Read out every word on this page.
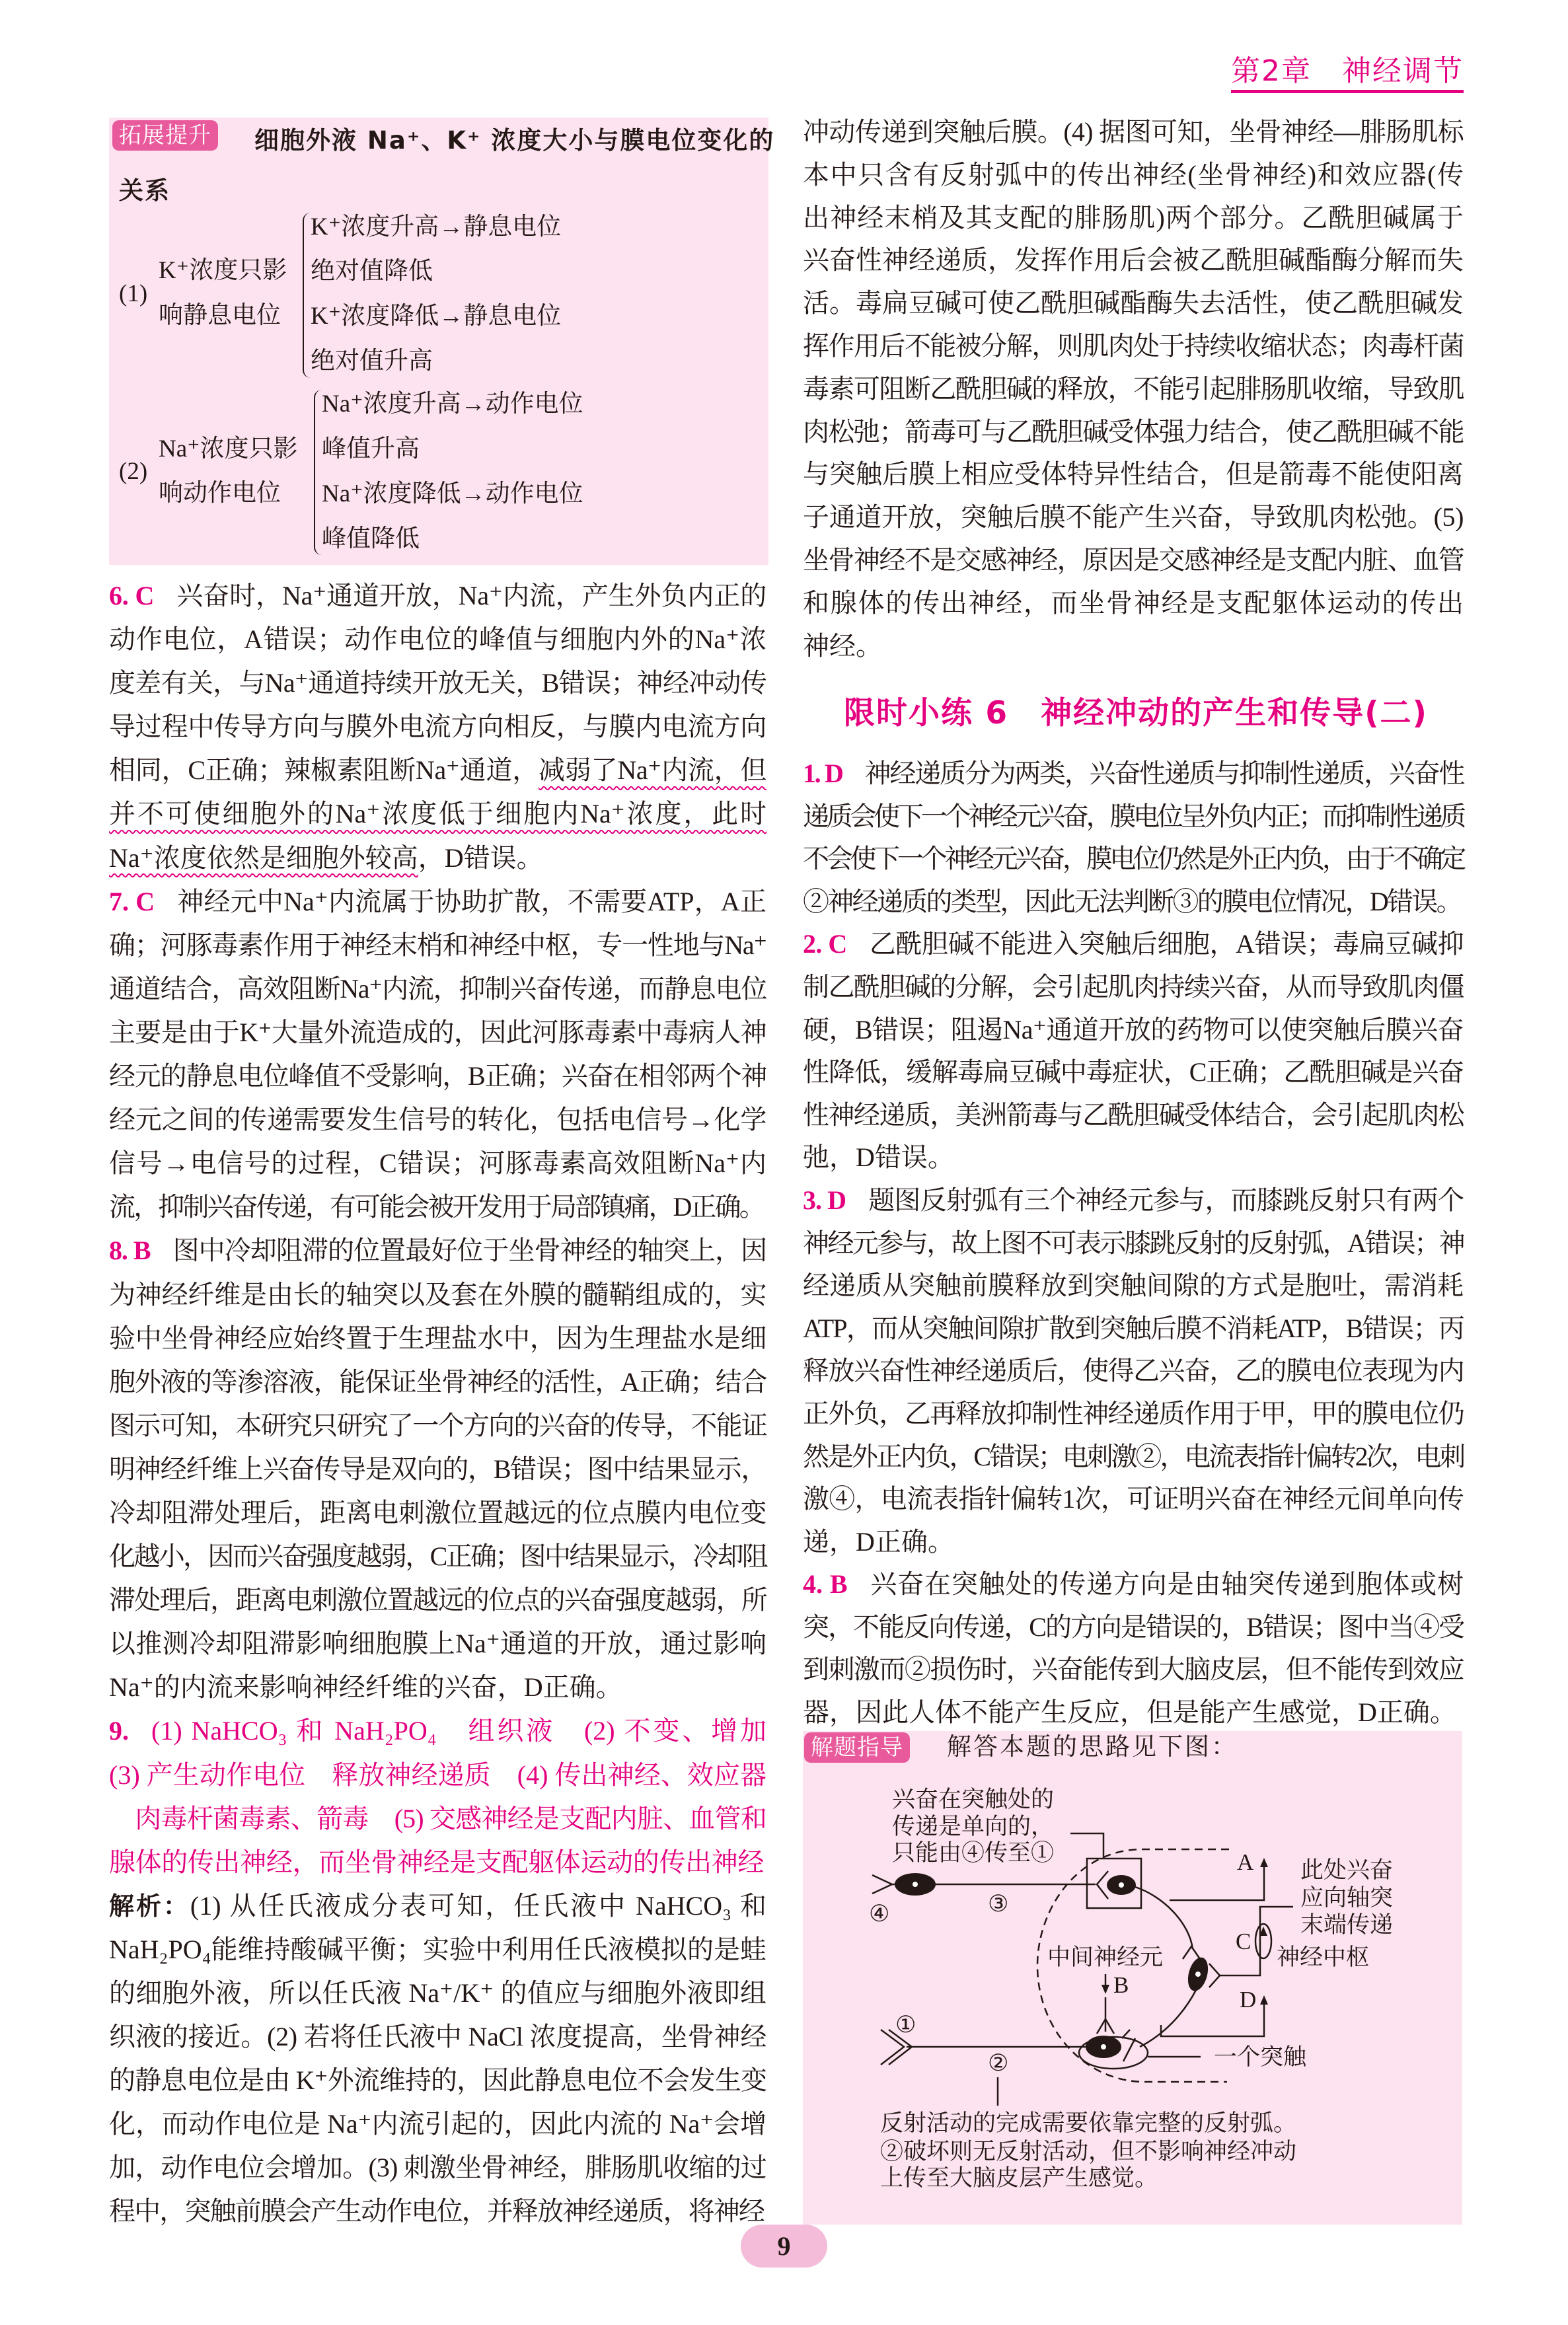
第2章　神经调节
拓展提升 细胞外液 Na⁺、K⁺ 浓度大小与膜电位变化的
关系
(1)
K⁺浓度只影
响静息电位
K⁺浓度升高→静息电位
绝对值降低
K⁺浓度降低→静息电位
绝对值升高
(2)
Na⁺浓度只影
响动作电位
Na⁺浓度升高→动作电位
峰值升高
Na⁺浓度降低→动作电位
峰值降低
6. C 兴奋时，Na⁺通道开放，Na⁺内流，产生外负内正的
动作电位，A错误；动作电位的峰值与细胞内外的Na⁺浓
度差有关，与Na⁺通道持续开放无关，B错误；神经冲动传
导过程中传导方向与膜外电流方向相反，与膜内电流方向
相同，C正确；辣椒素阻断Na⁺通道，减弱了Na⁺内流，但
并不可使细胞外的Na⁺浓度低于细胞内Na⁺浓度，此时
Na⁺浓度依然是细胞外较高，D错误。
7. C 神经元中Na⁺内流属于协助扩散，不需要ATP，A正
确；河豚毒素作用于神经末梢和神经中枢，专一性地与Na⁺
通道结合，高效阻断Na⁺内流，抑制兴奋传递，而静息电位
主要是由于K⁺大量外流造成的，因此河豚毒素中毒病人神
经元的静息电位峰值不受影响，B正确；兴奋在相邻两个神
经元之间的传递需要发生信号的转化，包括电信号→化学
信号→电信号的过程，C错误；河豚毒素高效阻断Na⁺内
流，抑制兴奋传递，有可能会被开发用于局部镇痛，D正确。
8. B 图中冷却阻滞的位置最好位于坐骨神经的轴突上，因
为神经纤维是由长的轴突以及套在外膜的髓鞘组成的，实
验中坐骨神经应始终置于生理盐水中，因为生理盐水是细
胞外液的等渗溶液，能保证坐骨神经的活性，A正确；结合
图示可知，本研究只研究了一个方向的兴奋的传导，不能证
明神经纤维上兴奋传导是双向的，B错误；图中结果显示，
冷却阻滞处理后，距离电刺激位置越远的位点膜内电位变
化越小，因而兴奋强度越弱，C正确；图中结果显示，冷却阻
滞处理后，距离电刺激位置越远的位点的兴奋强度越弱，所
以推测冷却阻滞影响细胞膜上Na⁺通道的开放，通过影响
Na⁺的内流来影响神经纤维的兴奋，D正确。
9. (1) NaHCO₃ 和 NaH₂PO₄　组织液　(2) 不变、增加
(3) 产生动作电位　释放神经递质　(4) 传出神经、效应器
　肉毒杆菌毒素、箭毒　(5) 交感神经是支配内脏、血管和
腺体的传出神经，而坐骨神经是支配躯体运动的传出神经
解析：(1) 从任氏液成分表可知，任氏液中 NaHCO₃ 和
NaH₂PO₄能维持酸碱平衡；实验中利用任氏液模拟的是蛙
的细胞外液，所以任氏液 Na⁺/K⁺ 的值应与细胞外液即组
织液的接近。(2) 若将任氏液中 NaCl 浓度提高，坐骨神经
的静息电位是由 K⁺外流维持的，因此静息电位不会发生变
化，而动作电位是 Na⁺内流引起的，因此内流的 Na⁺会增
加，动作电位会增加。(3) 刺激坐骨神经，腓肠肌收缩的过
程中，突触前膜会产生动作电位，并释放神经递质，将神经
冲动传递到突触后膜。(4) 据图可知，坐骨神经—腓肠肌标
本中只含有反射弧中的传出神经(坐骨神经)和效应器(传
出神经末梢及其支配的腓肠肌)两个部分。乙酰胆碱属于
兴奋性神经递质，发挥作用后会被乙酰胆碱酯酶分解而失
活。毒扁豆碱可使乙酰胆碱酯酶失去活性，使乙酰胆碱发
挥作用后不能被分解，则肌肉处于持续收缩状态；肉毒杆菌
毒素可阻断乙酰胆碱的释放，不能引起腓肠肌收缩，导致肌
肉松弛；箭毒可与乙酰胆碱受体强力结合，使乙酰胆碱不能
与突触后膜上相应受体特异性结合，但是箭毒不能使阳离
子通道开放，突触后膜不能产生兴奋，导致肌肉松弛。(5)
坐骨神经不是交感神经，原因是交感神经是支配内脏、血管
和腺体的传出神经，而坐骨神经是支配躯体运动的传出
神经。
限时小练 6　神经冲动的产生和传导(二)
1. D 神经递质分为两类，兴奋性递质与抑制性递质，兴奋性
递质会使下一个神经元兴奋，膜电位呈外负内正；而抑制性递质
不会使下一个神经元兴奋，膜电位仍然是外正内负，由于不确定
②神经递质的类型，因此无法判断③的膜电位情况，D错误。
2. C 乙酰胆碱不能进入突触后细胞，A错误；毒扁豆碱抑
制乙酰胆碱的分解，会引起肌肉持续兴奋，从而导致肌肉僵
硬，B错误；阻遏Na⁺通道开放的药物可以使突触后膜兴奋
性降低，缓解毒扁豆碱中毒症状，C正确；乙酰胆碱是兴奋
性神经递质，美洲箭毒与乙酰胆碱受体结合，会引起肌肉松
弛，D错误。
3. D 题图反射弧有三个神经元参与，而膝跳反射只有两个
神经元参与，故上图不可表示膝跳反射的反射弧，A错误；神
经递质从突触前膜释放到突触间隙的方式是胞吐，需消耗
ATP，而从突触间隙扩散到突触后膜不消耗ATP，B错误；丙
释放兴奋性神经递质后，使得乙兴奋，乙的膜电位表现为内
正外负，乙再释放抑制性神经递质作用于甲，甲的膜电位仍
然是外正内负，C错误；电刺激②，电流表指针偏转2次，电刺
激④，电流表指针偏转1次，可证明兴奋在神经元间单向传
递，D正确。
4. B 兴奋在突触处的传递方向是由轴突传递到胞体或树
突，不能反向传递，C的方向是错误的，B错误；图中当④受
到刺激而②损伤时，兴奋能传到大脑皮层，但不能传到效应
器，因此人体不能产生反应，但是能产生感觉，D正确。
解题指导 解答本题的思路见下图：
兴奋在突触处的
传递是单向的，
只能由④传至①
此处兴奋
应向轴突
末端传递
神经中枢
中间神经元
一个突触
④	③
①
②
A
B
C
D
反射活动的完成需要依靠完整的反射弧。
②破坏则无反射活动，但不影响神经冲动
上传至大脑皮层产生感觉。
9
